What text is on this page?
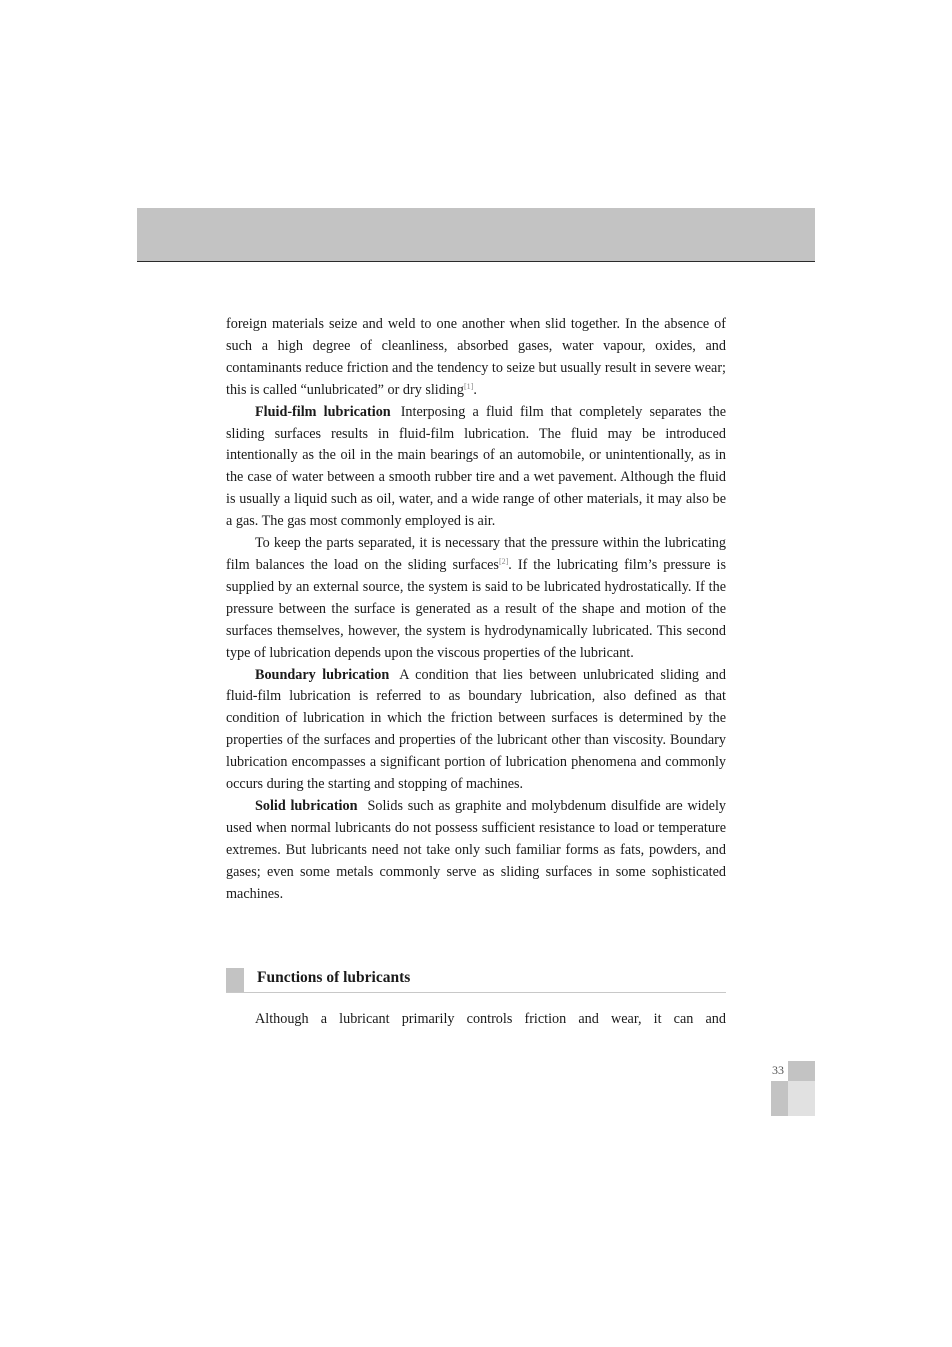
foreign materials seize and weld to one another when slid together. In the absence of such a high degree of cleanliness, absorbed gases, water vapour, oxides, and contaminants reduce friction and the tendency to seize but usually result in severe wear; this is called “unlubricated” or dry sliding[1].

Fluid-film lubrication Interposing a fluid film that completely separates the sliding surfaces results in fluid-film lubrication. The fluid may be introduced intentionally as the oil in the main bearings of an automobile, or unintentionally, as in the case of water between a smooth rubber tire and a wet pavement. Although the fluid is usually a liquid such as oil, water, and a wide range of other materials, it may also be a gas. The gas most commonly employed is air.

To keep the parts separated, it is necessary that the pressure within the lubricating film balances the load on the sliding surfaces[2]. If the lubricating film’s pressure is supplied by an external source, the system is said to be lubricated hydrostatically. If the pressure between the surface is generated as a result of the shape and motion of the surfaces themselves, however, the system is hydrodynamically lubricated. This second type of lubrication depends upon the viscous properties of the lubricant.

Boundary lubrication A condition that lies between unlubricated sliding and fluid-film lubrication is referred to as boundary lubrication, also defined as that condition of lubrication in which the friction between surfaces is determined by the properties of the surfaces and properties of the lubricant other than viscosity. Boundary lubrication encompasses a significant portion of lubrication phenomena and commonly occurs during the starting and stopping of machines.

Solid lubrication Solids such as graphite and molybdenum disulfide are widely used when normal lubricants do not possess sufficient resistance to load or temperature extremes. But lubricants need not take only such familiar forms as fats, powders, and gases; even some metals commonly serve as sliding surfaces in some sophisticated machines.

Functions of lubricants

Although a lubricant primarily controls friction and wear, it can and

33
